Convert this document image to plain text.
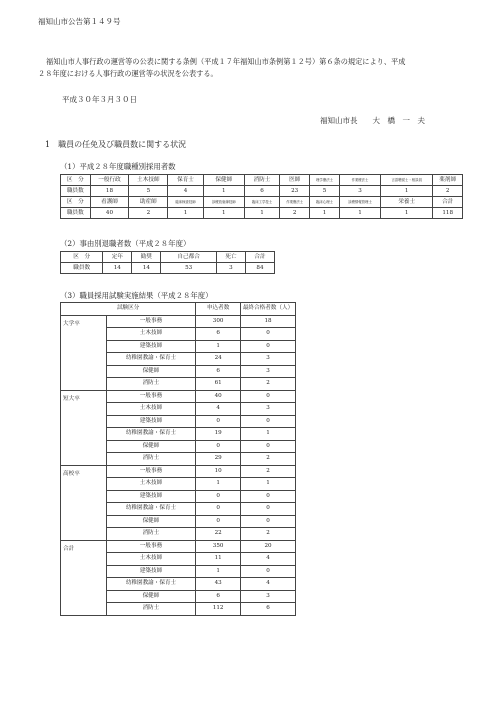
福知山市公告第１４９号
福知山市人事行政の運営等の公表に関する条例（平成１７年福知山市条例第１２号）第６条の規定により、平成
２８年度における人事行政の運営等の状況を公表する。
平成３０年３月３０日
福知山市長　　大　橋　一　夫
1　職員の任免及び職員数に関する状況
（1）平成２８年度職種別採用者数
区　分	一般行政	土木技師	保育士	保健師	消防士	医師	理学療法士	作業療法士	言語聴覚士・相談員	薬剤師
職員数	18	5	4	1	6	23	5	3	1	2
区　分	看護師	助産師	臨床検査技師	診療放射線技師	臨床工学技士	作業療法士	臨床心理士	診療情報管理士	栄養士	合計
職員数	40	2	1	1	1	2	1	1	1	118
（2）事由別退職者数（平成２８年度）
区　分	定年	勧奨	自己都合	死亡	合計
職員数	14	14	53	3	84
（3）職員採用試験実施結果（平成２８年度）
試験区分		申込者数	最終合格者数（人）
大学卒	一般事務	300	18
	土木技師	6	0
	建築技師	1	0
	幼稚園教諭・保育士	24	3
	保健師	6	3
	消防士	61	2
短大卒	一般事務	40	0
	土木技師	4	3
	建築技師	0	0
	幼稚園教諭・保育士	19	1
	保健師	0	0
	消防士	29	2
高校卒	一般事務	10	2
	土木技師	1	1
	建築技師	0	0
	幼稚園教諭・保育士	0	0
	保健師	0	0
	消防士	22	2
合計	一般事務	350	20
	土木技師	11	4
	建築技師	1	0
	幼稚園教諭・保育士	43	4
	保健師	6	3
	消防士	112	6
